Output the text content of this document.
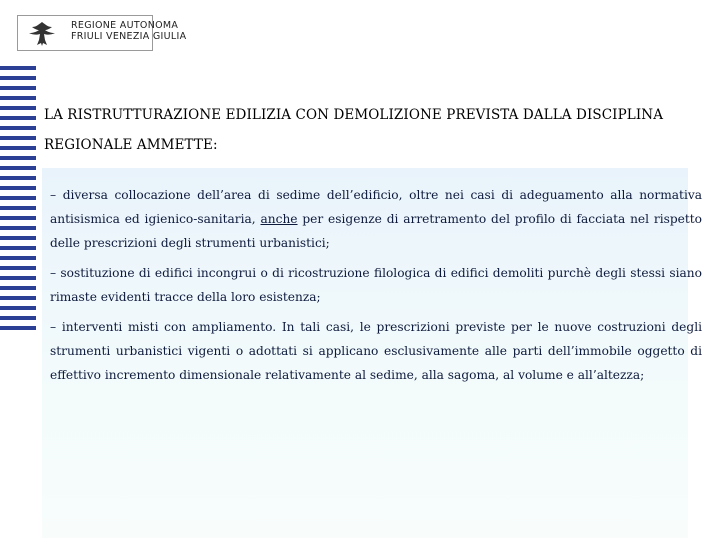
REGIONE AUTONOMA
FRIULI VENEZIA GIULIA
LA RISTRUTTURAZIONE EDILIZIA CON DEMOLIZIONE PREVISTA DALLA DISCIPLINA REGIONALE AMMETTE:

– diversa collocazione dell’area di sedime dell’edificio, oltre nei casi di adeguamento alla normativa antisismica ed igienico-sanitaria, anche per esigenze di arretramento del profilo di facciata nel rispetto delle prescrizioni degli strumenti urbanistici;

– sostituzione di edifici incongrui o di ricostruzione filologica di edifici demoliti purchè degli stessi siano rimaste evidenti tracce della loro esistenza;

– interventi misti con ampliamento. In tali casi, le prescrizioni previste per le nuove costruzioni degli strumenti urbanistici vigenti o adottati si applicano esclusivamente alle parti dell’immobile oggetto di effettivo incremento dimensionale relativamente al sedime, alla sagoma, al volume e all’altezza;
